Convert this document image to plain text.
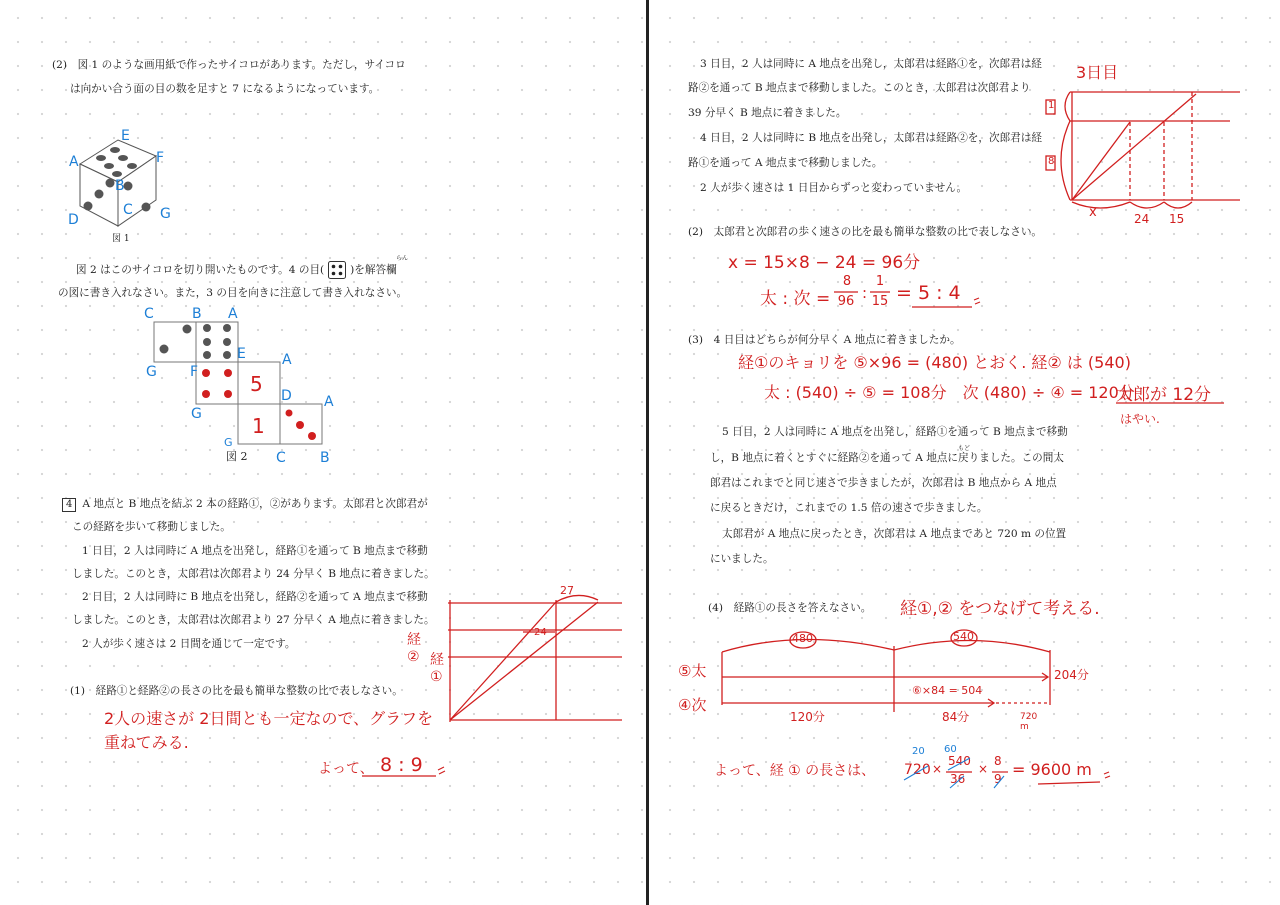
(2)　図 1 のような画用紙で作ったサイコロがあります。ただし，サイコロ
は向かい合う面の目の数を足すと 7 になるようになっています。
E
F
A
B
C
D	G
図 1
図 2 はこのサイコロを切り開いたものです。4 の目( )を解答欄
らん
の図に書き入れなさい。また，3 の目を向きに注意して書き入れなさい。
5
1
C	B A
G F
E	A
G
D A
G
C B
図 2
4 A 地点と B 地点を結ぶ 2 本の経路①，②があります。太郎君と次郎君が
この経路を歩いて移動しました。
1 日目，2 人は同時に A 地点を出発し，経路①を通って B 地点まで移動
しました。このとき，太郎君は次郎君より 24 分早く B 地点に着きました。
2 日目，2 人は同時に B 地点を出発し，経路②を通って A 地点まで移動
しました。このとき，太郎君は次郎君より 27 分早く A 地点に着きました。
2 人が歩く速さは 2 日間を通じて一定です。
(1)　経路①と経路②の長さの比を最も簡単な整数の比で表しなさい。
27
24
経
② 経
①
2人の速さが 2日間とも一定なので、グラフを
重ねてみる.
よって、 8 : 9
3 日目，2 人は同時に A 地点を出発し，太郎君は経路①を，次郎君は経
路②を通って B 地点まで移動しました。このとき，太郎君は次郎君より
39 分早く B 地点に着きました。
4 日目，2 人は同時に B 地点を出発し，太郎君は経路②を，次郎君は経
路①を通って A 地点まで移動しました。
2 人が歩く速さは 1 日目からずっと変わっていません。
3日目
1
8
x	24 15
(2)　太郎君と次郎君の歩く速さの比を最も簡単な整数の比で表しなさい。
x = 15×8 − 24 = 96分
太 : 次 =
8
96 :
1
15 = 5 : 4
(3)　4 日目はどちらが何分早く A 地点に着きましたか。
経①のキョリを ⑤×96 = (480) とおく. 経② は (540)
太 : (540) ÷ ⑤ = 108分　次 (480) ÷ ④ = 120分
太郎が 12分
はやい.
5 日目，2 人は同時に A 地点を出発し，経路①を通って B 地点まで移動
し，B 地点に着くとすぐに経路②を通って A 地点に戻りました。この間太
もど
郎君はこれまでと同じ速さで歩きましたが，次郎君は B 地点から A 地点
に戻るときだけ，これまでの 1.5 倍の速さで歩きました。
太郎君が A 地点に戻ったとき，次郎君は A 地点まであと 720 m の位置
にいました。
(4)　経路①の長さを答えなさい。 経①,② をつなげて考える.
480	540
⑤太
④次
204分
⑥×84 = 504
120分	84分	720
m
よって、経 ① の長さは、
20
720 ×
60
540
36
×
8
9 = 9600 m
